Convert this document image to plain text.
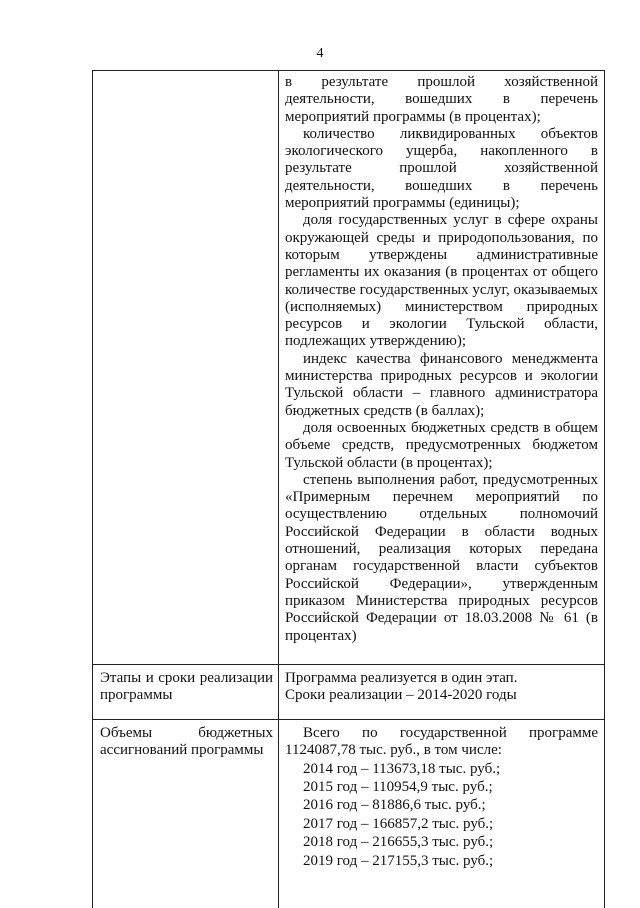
4
в результате прошлой хозяйственной деятельности, вошедших в перечень мероприятий программы (в процентах);
количество ликвидированных объектов экологического ущерба, накопленного в результате прошлой хозяйственной деятельности, вошедших в перечень мероприятий программы (единицы);
доля государственных услуг в сфере охраны окружающей среды и природопользования, по которым утверждены административные регламенты их оказания (в процентах от общего количестве государственных услуг, оказываемых (исполняемых) министерством природных ресурсов и экологии Тульской области, подлежащих утверждению);
индекс качества финансового менеджмента министерства природных ресурсов и экологии Тульской области – главного администратора бюджетных средств (в баллах);
доля освоенных бюджетных средств в общем объеме средств, предусмотренных бюджетом Тульской области (в процентах);
степень выполнения работ, предусмотренных «Примерным перечнем мероприятий по осуществлению отдельных полномочий Российской Федерации в области водных отношений, реализация которых передана органам государственной власти субъектов Российской Федерации», утвержденным приказом Министерства природных ресурсов Российской Федерации от 18.03.2008 № 61 (в процентах)
Этапы и сроки реализации программы
Программа реализуется в один этап.
Сроки реализации – 2014-2020 годы
Объемы бюджетных ассигнований программы
Всего по государственной программе 1124087,78 тыс. руб., в том числе:
2014 год – 113673,18 тыс. руб.;
2015 год – 110954,9 тыс. руб.;
2016 год – 81886,6 тыс. руб.;
2017 год – 166857,2 тыс. руб.;
2018 год – 216655,3 тыс. руб.;
2019 год – 217155,3 тыс. руб.;
